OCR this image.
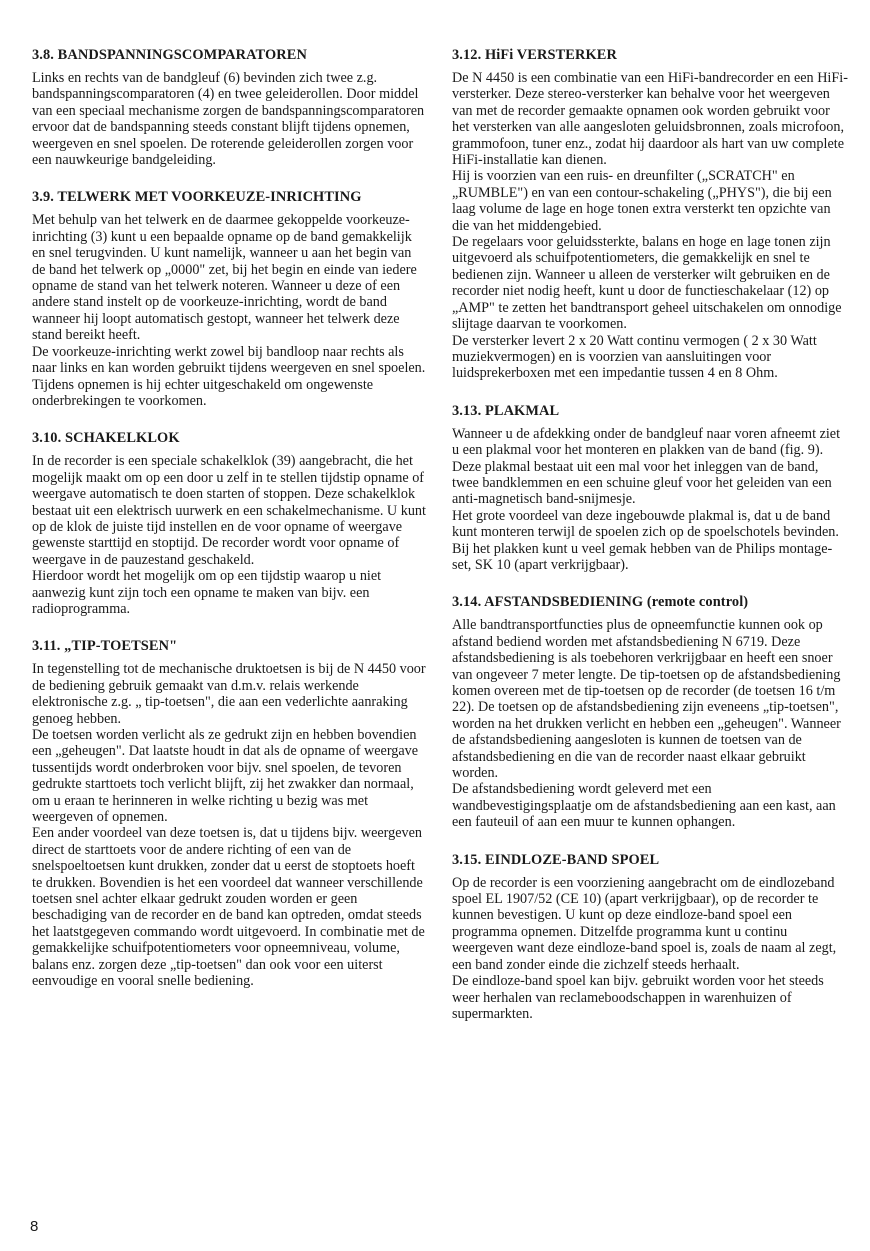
3.8. BANDSPANNINGSCOMPARATOREN

Links en rechts van de bandgleuf (6) bevinden zich twee z.g. bandspanningscomparatoren (4) en twee geleiderollen. Door middel van een speciaal mechanisme zorgen de bandspanningscomparatoren ervoor dat de bandspanning steeds constant blijft tijdens opnemen, weergeven en snel spoelen. De roterende geleiderollen zorgen voor een nauwkeurige bandgeleiding.

3.9. TELWERK MET VOORKEUZE-INRICHTING

Met behulp van het telwerk en de daarmee gekoppelde voorkeuze-inrichting (3) kunt u een bepaalde opname op de band gemakkelijk en snel terugvinden. U kunt namelijk, wanneer u aan het begin van de band het telwerk op „0000" zet, bij het begin en einde van iedere opname de stand van het telwerk noteren. Wanneer u deze of een andere stand instelt op de voorkeuze-inrichting, wordt de band wanneer hij loopt automatisch gestopt, wanneer het telwerk deze stand bereikt heeft.

De voorkeuze-inrichting werkt zowel bij bandloop naar rechts als naar links en kan worden gebruikt tijdens weergeven en snel spoelen. Tijdens opnemen is hij echter uitgeschakeld om ongewenste onderbrekingen te voorkomen.

3.10. SCHAKELKLOK

In de recorder is een speciale schakelklok (39) aangebracht, die het mogelijk maakt om op een door u zelf in te stellen tijdstip opname of weergave automatisch te doen starten of stoppen. Deze schakelklok bestaat uit een elektrisch uurwerk en een schakelmechanisme. U kunt op de klok de juiste tijd instellen en de voor opname of weergave gewenste starttijd en stoptijd. De recorder wordt voor opname of weergave in de pauzestand geschakeld.

Hierdoor wordt het mogelijk om op een tijdstip waarop u niet aanwezig kunt zijn toch een opname te maken van bijv. een radioprogramma.

3.11. „TIP-TOETSEN"

In tegenstelling tot de mechanische druktoetsen is bij de N 4450 voor de bediening gebruik gemaakt van d.m.v. relais werkende elektronische z.g. „ tip-toetsen", die aan een vederlichte aanraking genoeg hebben.

De toetsen worden verlicht als ze gedrukt zijn en hebben bovendien een „geheugen". Dat laatste houdt in dat als de opname of weergave tussentijds wordt onderbroken voor bijv. snel spoelen, de tevoren gedrukte starttoets toch verlicht blijft, zij het zwakker dan normaal, om u eraan te herinneren in welke richting u bezig was met weergeven of opnemen.

Een ander voordeel van deze toetsen is, dat u tijdens bijv. weergeven direct de starttoets voor de andere richting of een van de snelspoeltoetsen kunt drukken, zonder dat u eerst de stoptoets hoeft te drukken. Bovendien is het een voordeel dat wanneer verschillende toetsen snel achter elkaar gedrukt zouden worden er geen beschadiging van de recorder en de band kan optreden, omdat steeds het laatstgegeven commando wordt uitgevoerd. In combinatie met de gemakkelijke schuifpotentiometers voor opneemniveau, volume, balans enz. zorgen deze „tip-toetsen" dan ook voor een uiterst eenvoudige en vooral snelle bediening.

3.12. HiFi VERSTERKER

De N 4450 is een combinatie van een HiFi-bandrecorder en een HiFi-versterker. Deze stereo-versterker kan behalve voor het weergeven van met de recorder gemaakte opnamen ook worden gebruikt voor het versterken van alle aangesloten geluidsbronnen, zoals microfoon, grammofoon, tuner enz., zodat hij daardoor als hart van uw complete HiFi-installatie kan dienen.

Hij is voorzien van een ruis- en dreunfilter („SCRATCH" en „RUMBLE") en van een contour-schakeling („PHYS"), die bij een laag volume de lage en hoge tonen extra versterkt ten opzichte van die van het middengebied.

De regelaars voor geluidssterkte, balans en hoge en lage tonen zijn uitgevoerd als schuifpotentiometers, die gemakkelijk en snel te bedienen zijn. Wanneer u alleen de versterker wilt gebruiken en de recorder niet nodig heeft, kunt u door de functieschakelaar (12) op „AMP" te zetten het bandtransport geheel uitschakelen om onnodige slijtage daarvan te voorkomen.

De versterker levert 2 x 20 Watt continu vermogen ( 2 x 30 Watt muziekvermogen) en is voorzien van aansluitingen voor luidsprekerboxen met een impedantie tussen 4 en 8 Ohm.

3.13. PLAKMAL

Wanneer u de afdekking onder de bandgleuf naar voren afneemt ziet u een plakmal voor het monteren en plakken van de band (fig. 9).

Deze plakmal bestaat uit een mal voor het inleggen van de band, twee bandklemmen en een schuine gleuf voor het geleiden van een anti-magnetisch band-snijmesje.

Het grote voordeel van deze ingebouwde plakmal is, dat u de band kunt monteren terwijl de spoelen zich op de spoelschotels bevinden.

Bij het plakken kunt u veel gemak hebben van de Philips montage-set, SK 10 (apart verkrijgbaar).

3.14. AFSTANDSBEDIENING (remote control)

Alle bandtransportfuncties plus de opneemfunctie kunnen ook op afstand bediend worden met afstandsbediening N 6719. Deze afstandsbediening is als toebehoren verkrijgbaar en heeft een snoer van ongeveer 7 meter lengte. De tip-toetsen op de afstandsbediening komen overeen met de tip-toetsen op de recorder (de toetsen 16 t/m 22). De toetsen op de afstandsbediening zijn eveneens „tip-toetsen", worden na het drukken verlicht en hebben een „geheugen". Wanneer de afstandsbediening aangesloten is kunnen de toetsen van de afstandsbediening en die van de recorder naast elkaar gebruikt worden.

De afstandsbediening wordt geleverd met een wandbevestigingsplaatje om de afstandsbediening aan een kast, aan een fauteuil of aan een muur te kunnen ophangen.

3.15. EINDLOZE-BAND SPOEL

Op de recorder is een voorziening aangebracht om de eindlozeband spoel EL 1907/52 (CE 10) (apart verkrijgbaar), op de recorder te kunnen bevestigen. U kunt op deze eindloze-band spoel een programma opnemen. Ditzelfde programma kunt u continu weergeven want deze eindloze-band spoel is, zoals de naam al zegt, een band zonder einde die zichzelf steeds herhaalt.

De eindloze-band spoel kan bijv. gebruikt worden voor het steeds weer herhalen van reclameboodschappen in warenhuizen of supermarkten.

8
